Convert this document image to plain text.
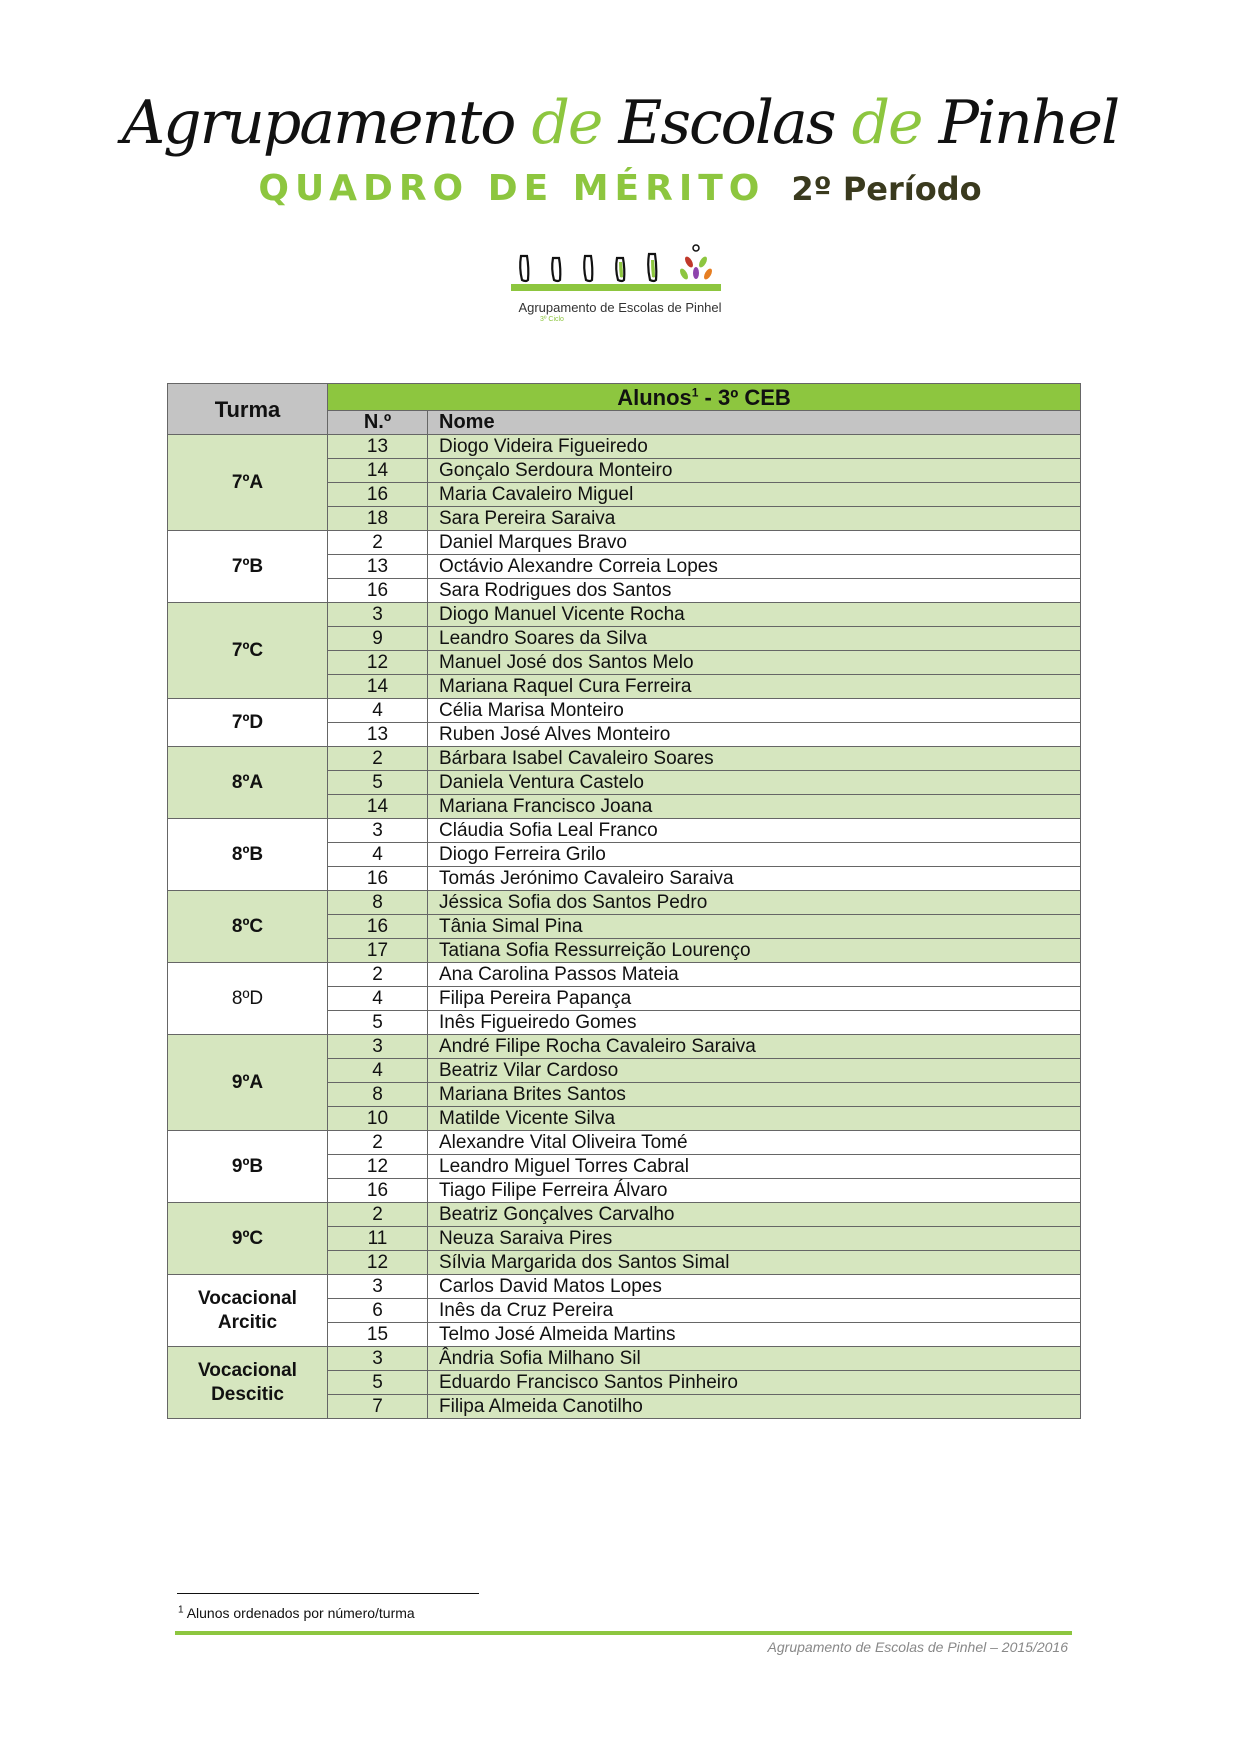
Agrupamento de Escolas de Pinhel
QUADRO DE MÉRITO 2º Período
Agrupamento de Escolas de Pinhel
3º Ciclo
Turma	Alunos$^1$ - 3º CEB	
	N.º	Nome
7ºA	13	Diogo Videira Figueiredo
	14	Gonçalo Serdoura Monteiro
	16	Maria Cavaleiro Miguel
	18	Sara Pereira Saraiva
7ºB	2	Daniel Marques Bravo
	13	Octávio Alexandre Correia Lopes
	16	Sara Rodrigues dos Santos
7ºC	3	Diogo Manuel Vicente Rocha
	9	Leandro Soares da Silva
	12	Manuel José dos Santos Melo
	14	Mariana Raquel Cura Ferreira
7ºD	4	Célia Marisa Monteiro
	13	Ruben José Alves Monteiro
8ºA	2	Bárbara Isabel Cavaleiro Soares
	5	Daniela Ventura Castelo
	14	Mariana Francisco Joana
8ºB	3	Cláudia Sofia Leal Franco
	4	Diogo Ferreira Grilo
	16	Tomás Jerónimo Cavaleiro Saraiva
8ºC	8	Jéssica Sofia dos Santos Pedro
	16	Tânia Simal Pina
	17	Tatiana Sofia Ressurreição Lourenço
8ºD	2	Ana Carolina Passos Mateia
	4	Filipa Pereira Papança
	5	Inês Figueiredo Gomes
9ºA	3	André Filipe Rocha Cavaleiro Saraiva
	4	Beatriz Vilar Cardoso
	8	Mariana Brites Santos
	10	Matilde Vicente Silva
9ºB	2	Alexandre Vital Oliveira Tomé
	12	Leandro Miguel Torres Cabral
	16	Tiago Filipe Ferreira Álvaro
9ºC	2	Beatriz Gonçalves Carvalho
	11	Neuza Saraiva Pires
	12	Sílvia Margarida dos Santos Simal
Vocacional
Arcitic	3	Carlos David Matos Lopes
	6	Inês da Cruz Pereira
	15	Telmo José Almeida Martins
Vocacional
Descitic	3	Ândria Sofia Milhano Sil
	5	Eduardo Francisco Santos Pinheiro
	7	Filipa Almeida Canotilho
$^1$ Alunos ordenados por número/turma
Agrupamento de Escolas de Pinhel – 2015/2016
